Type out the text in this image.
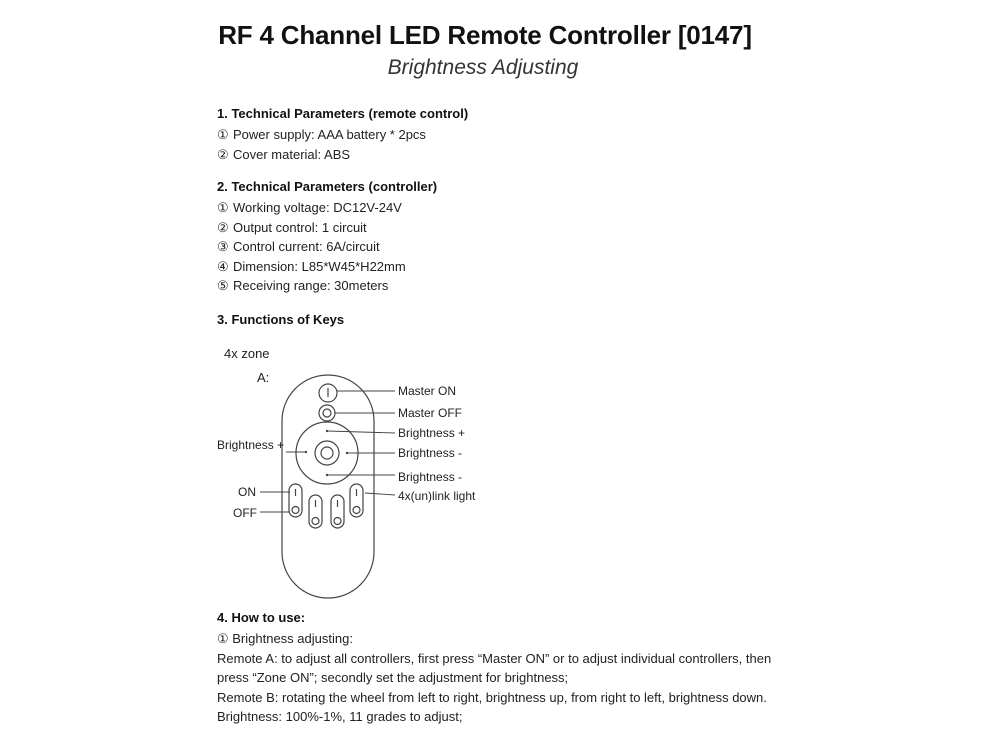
RF 4 Channel LED Remote Controller [0147]
Brightness Adjusting

1. Technical Parameters (remote control)

① Power supply: AAA battery * 2pcs

② Cover material: ABS

2. Technical Parameters (controller)

① Working voltage: DC12V-24V

② Output control: 1 circuit

③ Control current: 6A/circuit

④ Dimension: L85*W45*H22mm

⑤ Receiving range: 30meters

3. Functions of Keys

4x zone
A:
Master ON
Master OFF
Brightness +
Brightness -
Brightness -
Brightness +
ON
OFF
4x(un)link light

4. How to use:

① Brightness adjusting:

Remote A: to adjust all controllers, first press “Master ON” or to adjust individual controllers, then

press “Zone ON”; secondly set the adjustment for brightness;

Remote B: rotating the wheel from left to right, brightness up, from right to left, brightness down.

Brightness: 100%-1%, 11 grades to adjust;
